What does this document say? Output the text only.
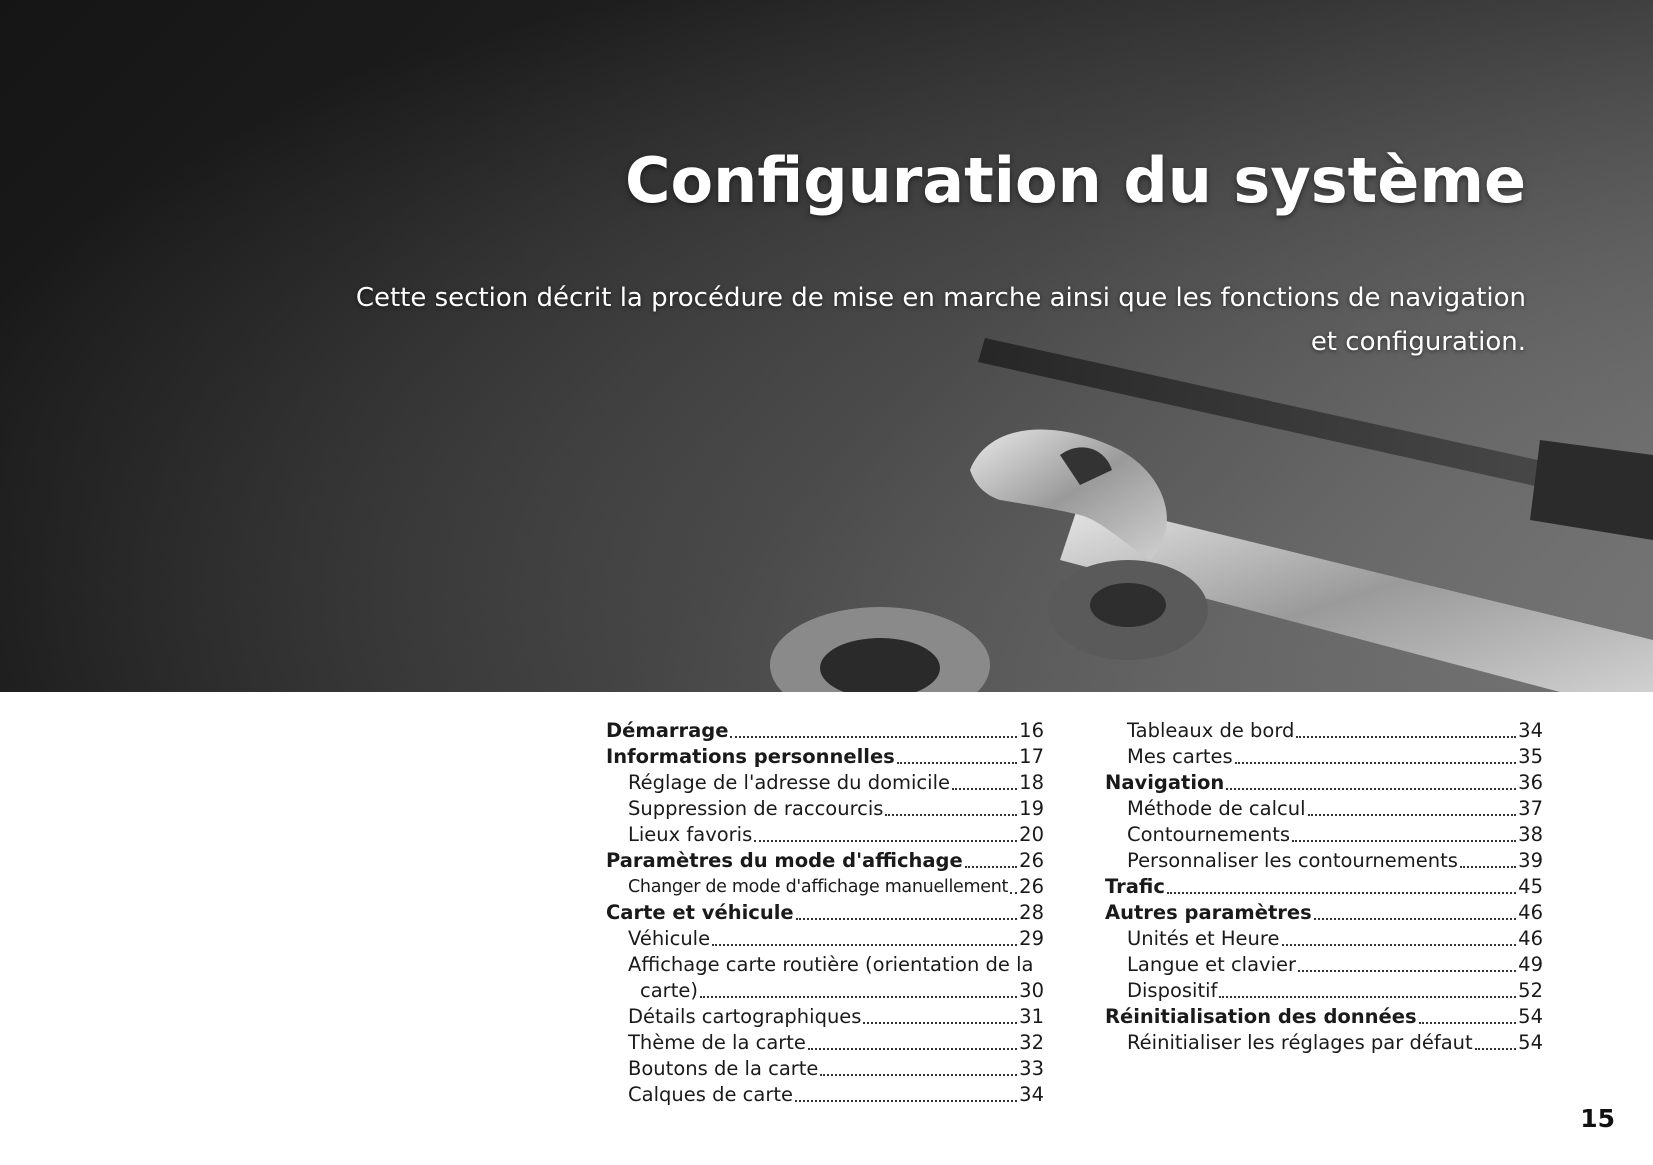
Configuration du système

Cette section décrit la procédure de mise en marche ainsi que les fonctions de navigation et configuration.

Démarrage	16
Informations personnelles	17
Réglage de l'adresse du domicile	18
Suppression de raccourcis	19
Lieux favoris	20
Paramètres du mode d'affichage	26
Changer de mode d'affichage manuellement 26
Carte et véhicule	28
Véhicule	29
Affichage carte routière (orientation de la
carte)	30
Détails cartographiques	31
Thème de la carte	32
Boutons de la carte	33
Calques de carte	34
Tableaux de bord	34
Mes cartes	35
Navigation	36
Méthode de calcul	37
Contournements	38
Personnaliser les contournements	39
Trafic	45
Autres paramètres	46
Unités et Heure	46
Langue et clavier	49
Dispositif	52
Réinitialisation des données	54
Réinitialiser les réglages par défaut 54
15
